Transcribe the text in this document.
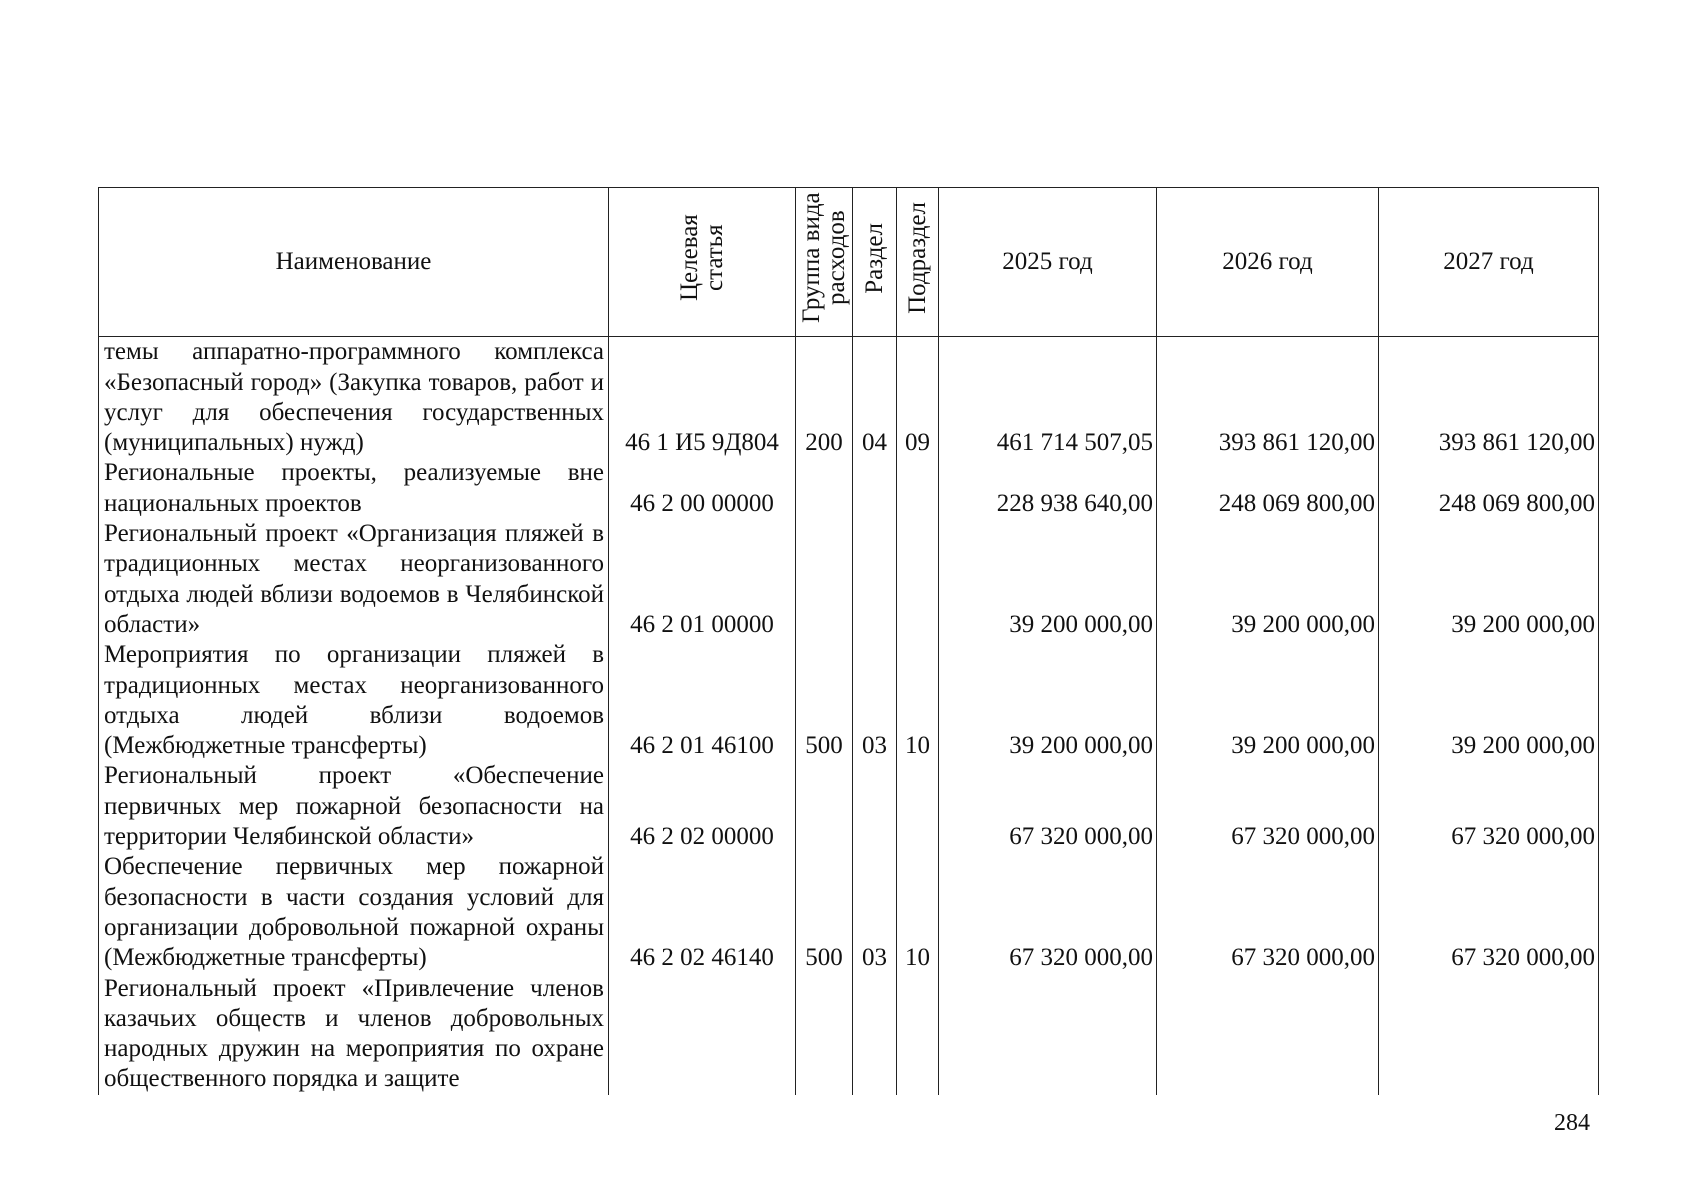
Наименование	Целевая статья	Группа вида расходов	Раздел	Подраздел	2025 год	2026 год	2027 год
темы аппаратно-программного комплекса «Безопасный город» (Закупка товаров, работ и услуг для обеспечения государственных (муниципальных) нужд)	46 1 И5 9Д804	200	04	09	461 714 507,05	393 861 120,00	393 861 120,00
Региональные проекты, реализуемые вне национальных проектов	46 2 00 00000				228 938 640,00	248 069 800,00	248 069 800,00
Региональный проект «Организация пляжей в традиционных местах неорганизованного отдыха людей вблизи водоемов в Челябинской области»	46 2 01 00000				39 200 000,00	39 200 000,00	39 200 000,00
Мероприятия по организации пляжей в традиционных местах неорганизованного отдыха людей вблизи водоемов (Межбюджетные трансферты)	46 2 01 46100	500	03	10	39 200 000,00	39 200 000,00	39 200 000,00
Региональный проект «Обеспечение первичных мер пожарной безопасности на территории Челябинской области»	46 2 02 00000				67 320 000,00	67 320 000,00	67 320 000,00
Обеспечение первичных мер пожарной безопасности в части создания условий для организации добровольной пожарной охраны (Межбюджетные трансферты)	46 2 02 46140	500	03	10	67 320 000,00	67 320 000,00	67 320 000,00
Региональный проект «Привлечение членов казачьих обществ и членов добровольных народных дружин на мероприятия по охране общественного порядка и защите							
284
